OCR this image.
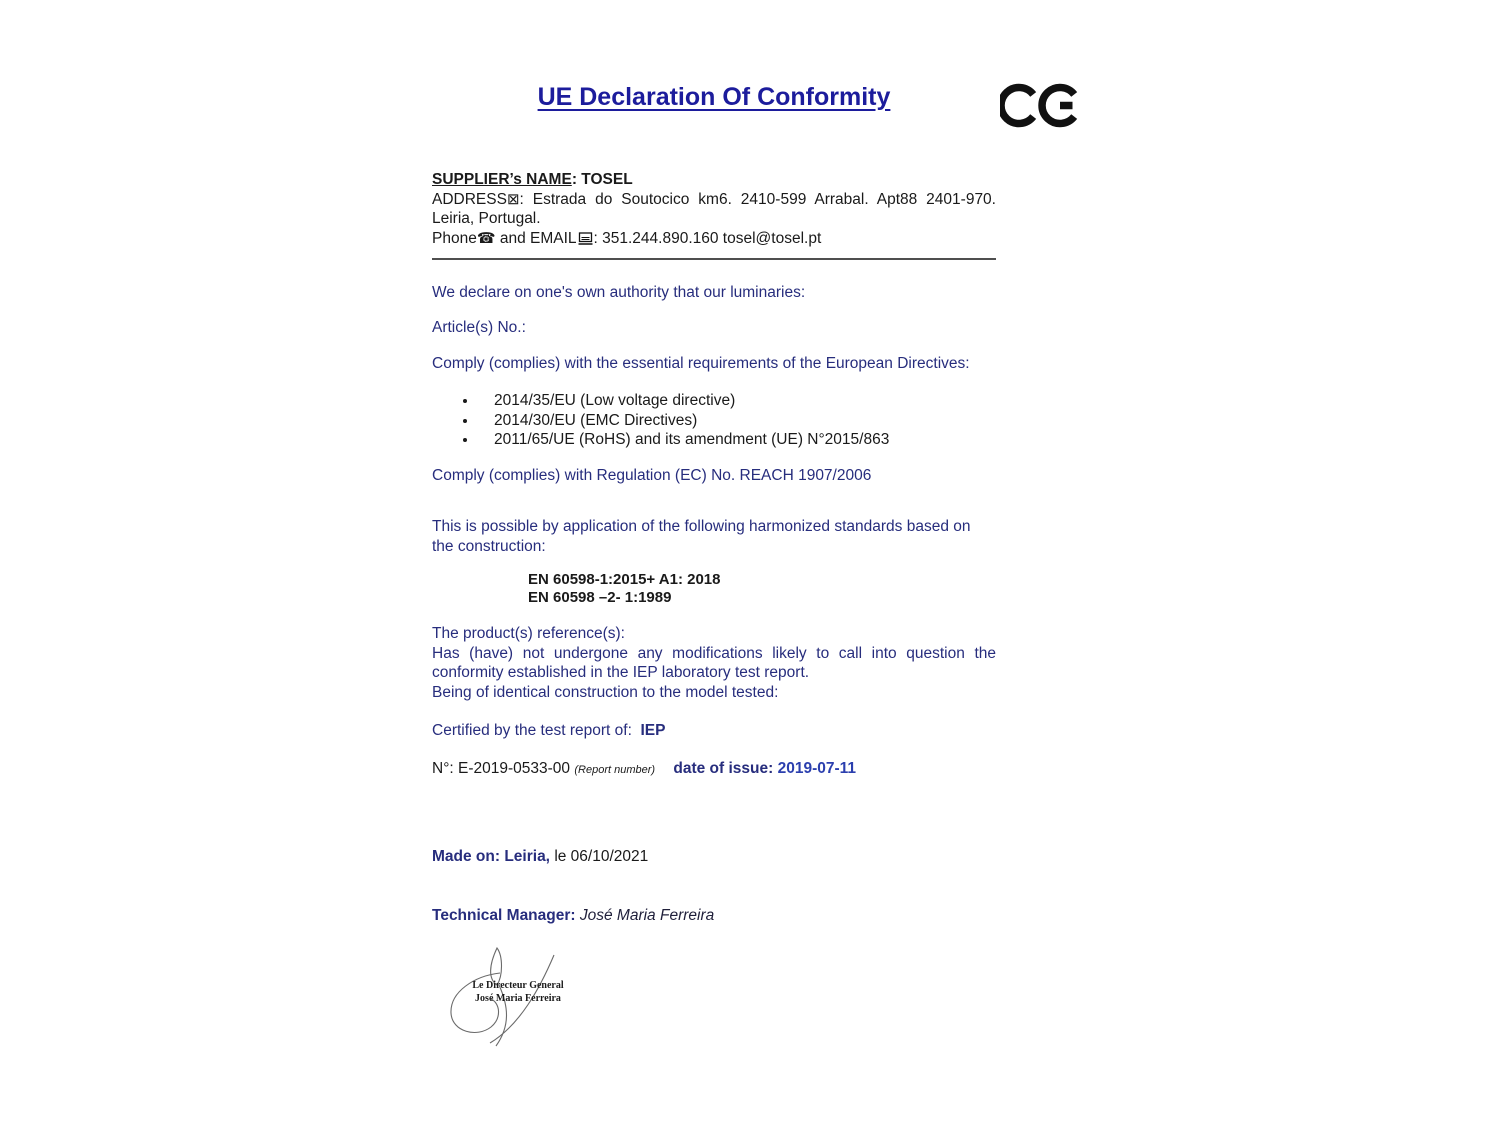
UE Declaration Of Conformity
SUPPLIER’s NAME: TOSEL
ADDRESS⊠: Estrada do Soutocico km6. 2410-599 Arrabal. Apt88 2401-970. Leiria, Portugal.
Phone☎ and EMAIL : 351.244.890.160 tosel@tosel.pt
We declare on one's own authority that our luminaries:
Article(s) No.:
Comply (complies) with the essential requirements of the European Directives:
• 2014/35/EU (Low voltage directive)
• 2014/30/EU (EMC Directives)
• 2011/65/UE (RoHS) and its amendment (UE) N°2015/863
Comply (complies) with Regulation (EC) No. REACH 1907/2006
This is possible by application of the following harmonized standards based on the construction:
EN 60598-1:2015+ A1: 2018
EN 60598 –2- 1:1989
The product(s) reference(s):
Has (have) not undergone any modifications likely to call into question the conformity established in the IEP laboratory test report.
Being of identical construction to the model tested:
Certified by the test report of: IEP
N°: E-2019-0533-00 (Report number) date of issue: 2019-07-11
Made on: Leiria, le 06/10/2021
Technical Manager: José Maria Ferreira
Le Directeur General
José Maria Ferreira
